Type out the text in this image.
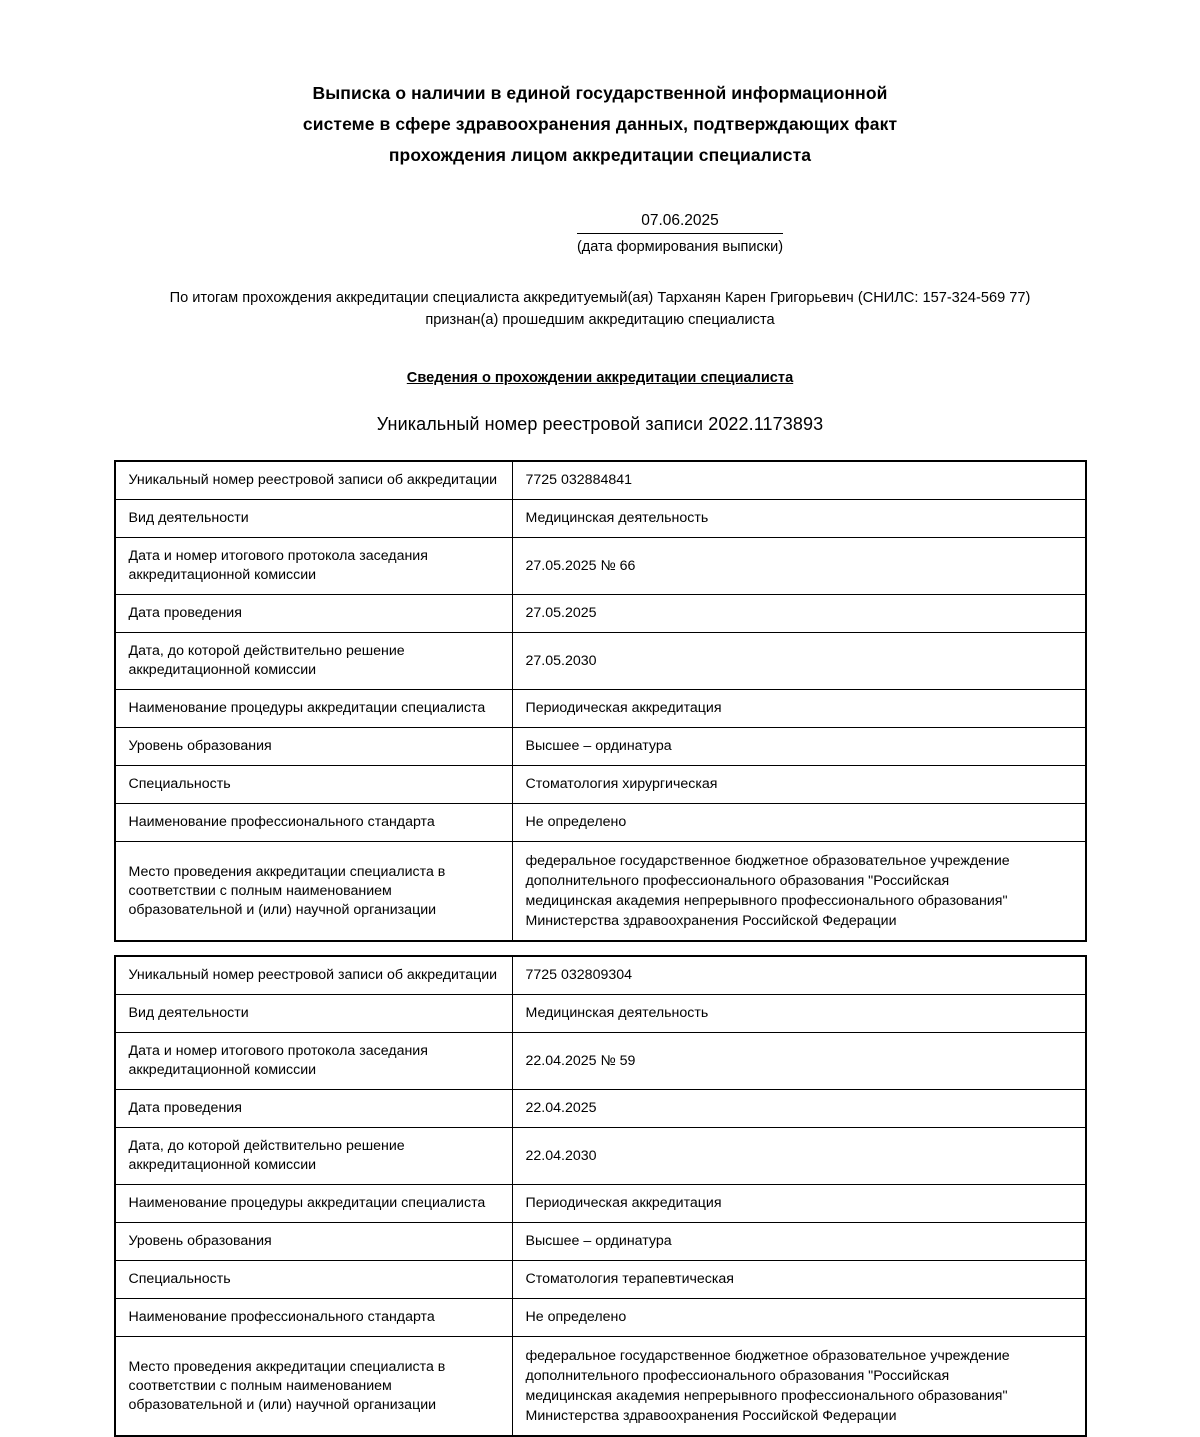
Выписка о наличии в единой государственной информационной
системе в сфере здравоохранения данных, подтверждающих факт
прохождения лицом аккредитации специалиста
07.06.2025
(дата формирования выписки)
По итогам прохождения аккредитации специалиста аккредитуемый(ая) Тарханян Карен Григорьевич (СНИЛС: 157-324-569 77)
признан(а) прошедшим аккредитацию специалиста
Сведения о прохождении аккредитации специалиста
Уникальный номер реестровой записи 2022.1173893
Уникальный номер реестровой записи об аккредитации	7725 032884841
Вид деятельности	Медицинская деятельность
Дата и номер итогового протокола заседания аккредитационной комиссии	27.05.2025 № 66
Дата проведения	27.05.2025
Дата, до которой действительно решение аккредитационной комиссии	27.05.2030
Наименование процедуры аккредитации специалиста	Периодическая аккредитация
Уровень образования	Высшее – ординатура
Специальность	Стоматология хирургическая
Наименование профессионального стандарта	Не определено
Место проведения аккредитации специалиста в соответствии с полным наименованием образовательной и (или) научной организации	федеральное государственное бюджетное образовательное учреждение
дополнительного профессионального образования "Российская
медицинская академия непрерывного профессионального образования"
Министерства здравоохранения Российской Федерации
Уникальный номер реестровой записи об аккредитации	7725 032809304
Вид деятельности	Медицинская деятельность
Дата и номер итогового протокола заседания аккредитационной комиссии	22.04.2025 № 59
Дата проведения	22.04.2025
Дата, до которой действительно решение аккредитационной комиссии	22.04.2030
Наименование процедуры аккредитации специалиста	Периодическая аккредитация
Уровень образования	Высшее – ординатура
Специальность	Стоматология терапевтическая
Наименование профессионального стандарта	Не определено
Место проведения аккредитации специалиста в соответствии с полным наименованием образовательной и (или) научной организации	федеральное государственное бюджетное образовательное учреждение
дополнительного профессионального образования "Российская
медицинская академия непрерывного профессионального образования"
Министерства здравоохранения Российской Федерации
